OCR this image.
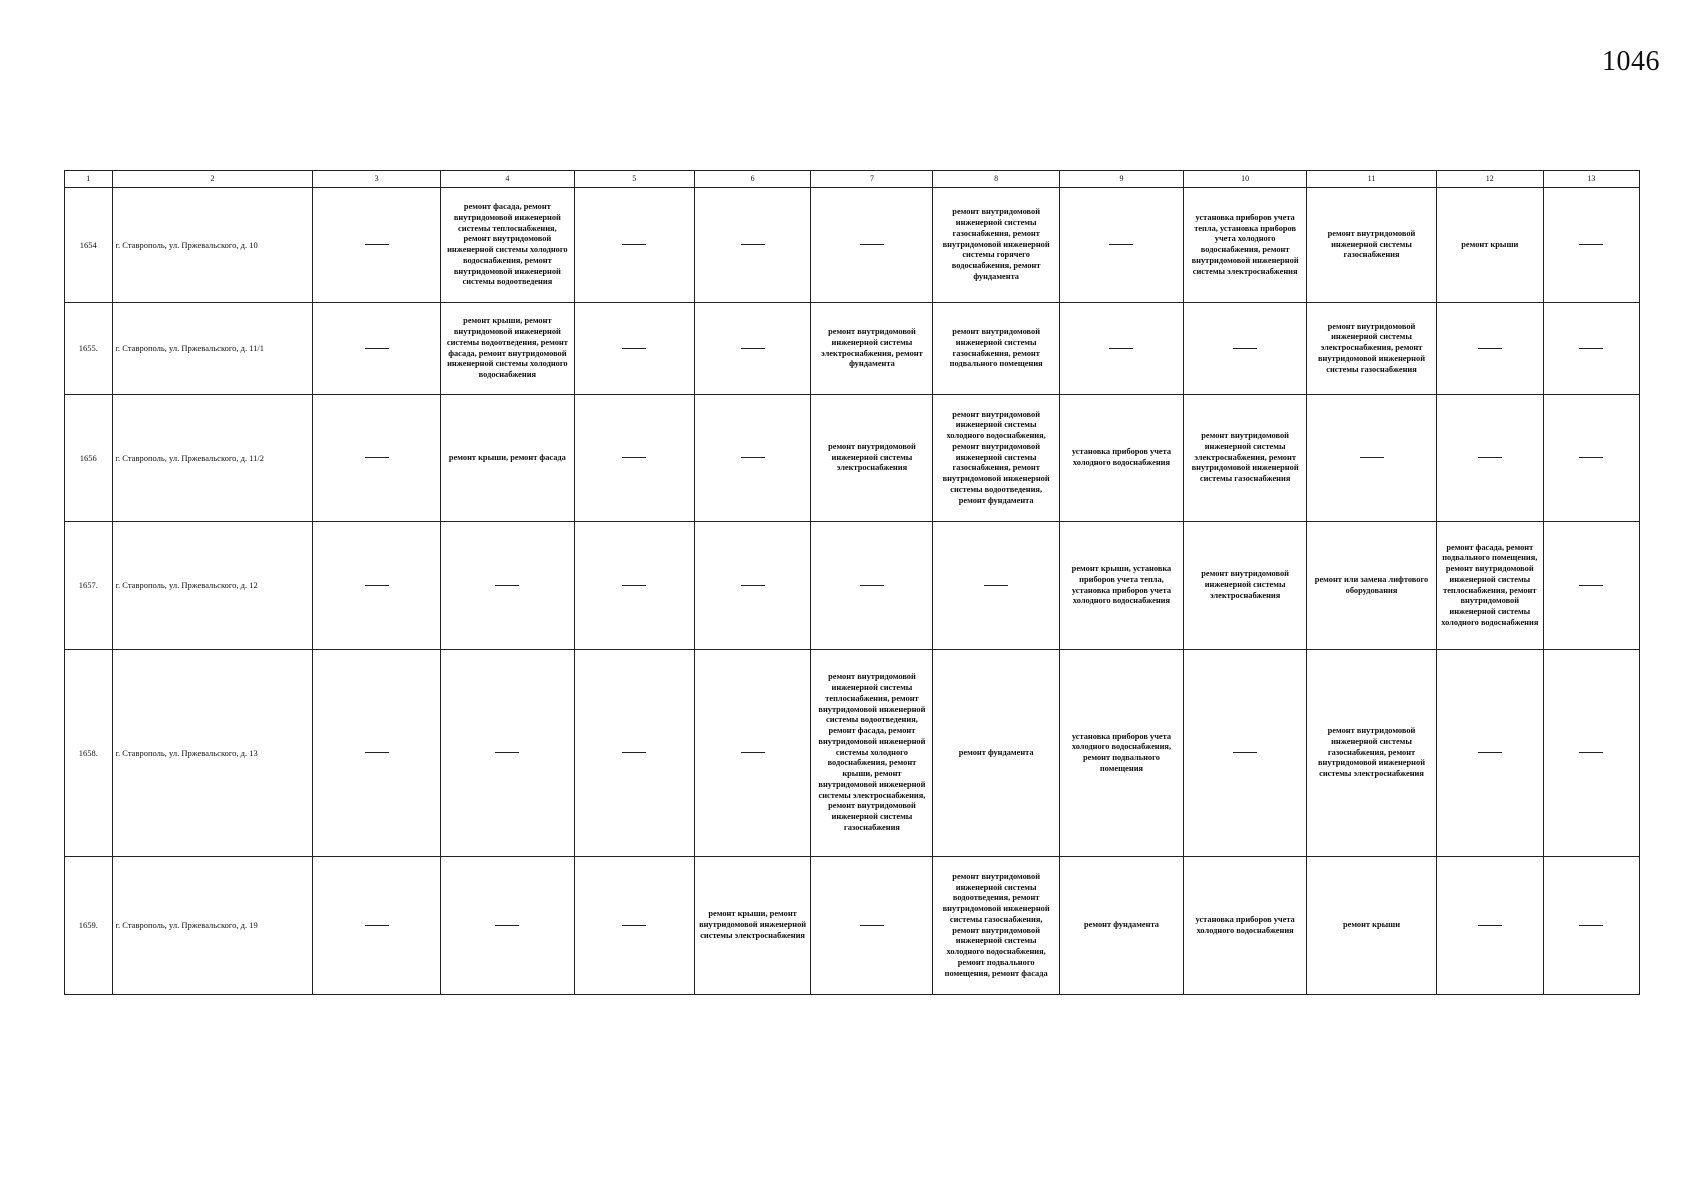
1046
1	2	3	4	5	6	7	8	9	10	11	12	13
1654	г. Ставрополь, ул. Пржевальского, д. 10		ремонт фасада, ремонт внутридомовой инженерной системы теплоснабжения, ремонт внутридомовой инженерной системы холодного водоснабжения, ремонт внутридомовой инженерной системы водоотведения				ремонт внутридомовой инженерной системы газоснабжения, ремонт внутридомовой инженерной системы горячего водоснабжения, ремонт фундамента		установка приборов учета тепла, установка приборов учета холодного водоснабжения, ремонт внутридомовой инженерной системы электроснабжения	ремонт внутридомовой инженерной системы газоснабжения	ремонт крыши	
1655.	г. Ставрополь, ул. Пржевальского, д. 11/1		ремонт крыши, ремонт внутридомовой инженерной системы водоотведения, ремонт фасада, ремонт внутридомовой инженерной системы холодного водоснабжения			ремонт внутридомовой инженерной системы электроснабжения, ремонт фундамента	ремонт внутридомовой инженерной системы газоснабжения, ремонт подвального помещения			ремонт внутридомовой инженерной системы электроснабжения, ремонт внутридомовой инженерной системы газоснабжения		
1656	г. Ставрополь, ул. Пржевальского, д. 11/2		ремонт крыши, ремонт фасада			ремонт внутридомовой инженерной системы электроснабжения	ремонт внутридомовой инженерной системы холодного водоснабжения, ремонт внутридомовой инженерной системы газоснабжения, ремонт внутридомовой инженерной системы водоотведения, ремонт фундамента	установка приборов учета холодного водоснабжения	ремонт внутридомовой инженерной системы электроснабжения, ремонт внутридомовой инженерной системы газоснабжения			
1657.	г. Ставрополь, ул. Пржевальского, д. 12							ремонт крыши, установка приборов учета тепла, установка приборов учета холодного водоснабжения	ремонт внутридомовой инженерной системы электроснабжения	ремонт или замена лифтового оборудования	ремонт фасада, ремонт подвального помещения, ремонт внутридомовой инженерной системы теплоснабжения, ремонт внутридомовой инженерной системы холодного водоснабжения	
1658.	г. Ставрополь, ул. Пржевальского, д. 13					ремонт внутридомовой инженерной системы теплоснабжения, ремонт внутридомовой инженерной системы водоотведения, ремонт фасада, ремонт внутридомовой инженерной системы холодного водоснабжения, ремонт крыши, ремонт внутридомовой инженерной системы электроснабжения, ремонт внутридомовой инженерной системы газоснабжения	ремонт фундамента	установка приборов учета холодного водоснабжения, ремонт подвального помещения		ремонт внутридомовой инженерной системы газоснабжения, ремонт внутридомовой инженерной системы электроснабжения		
1659.	г. Ставрополь, ул. Пржевальского, д. 19				ремонт крыши, ремонт внутридомовой инженерной системы электроснабжения		ремонт внутридомовой инженерной системы водоотведения, ремонт внутридомовой инженерной системы газоснабжения, ремонт внутридомовой инженерной системы холодного водоснабжения, ремонт подвального помещения, ремонт фасада	ремонт фундамента	установка приборов учета холодного водоснабжения	ремонт крыши		
